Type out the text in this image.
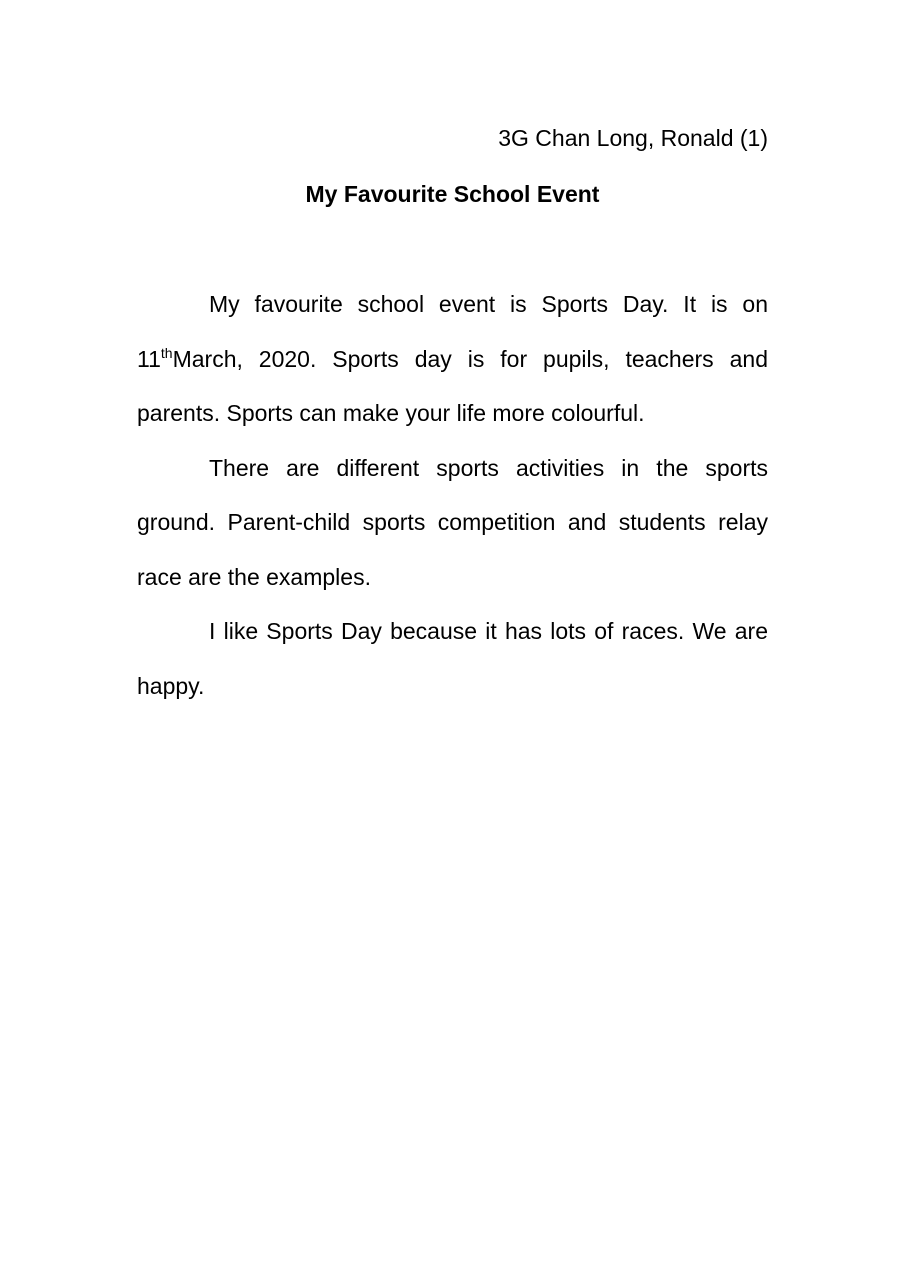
3G Chan Long, Ronald (1)
My Favourite School Event

My favourite school event is Sports Day. It is on 11thMarch, 2020. Sports day is for pupils, teachers and parents. Sports can make your life more colourful.

There are different sports activities in the sports ground. Parent-child sports competition and students relay race are the examples.

I like Sports Day because it has lots of races. We are happy.
